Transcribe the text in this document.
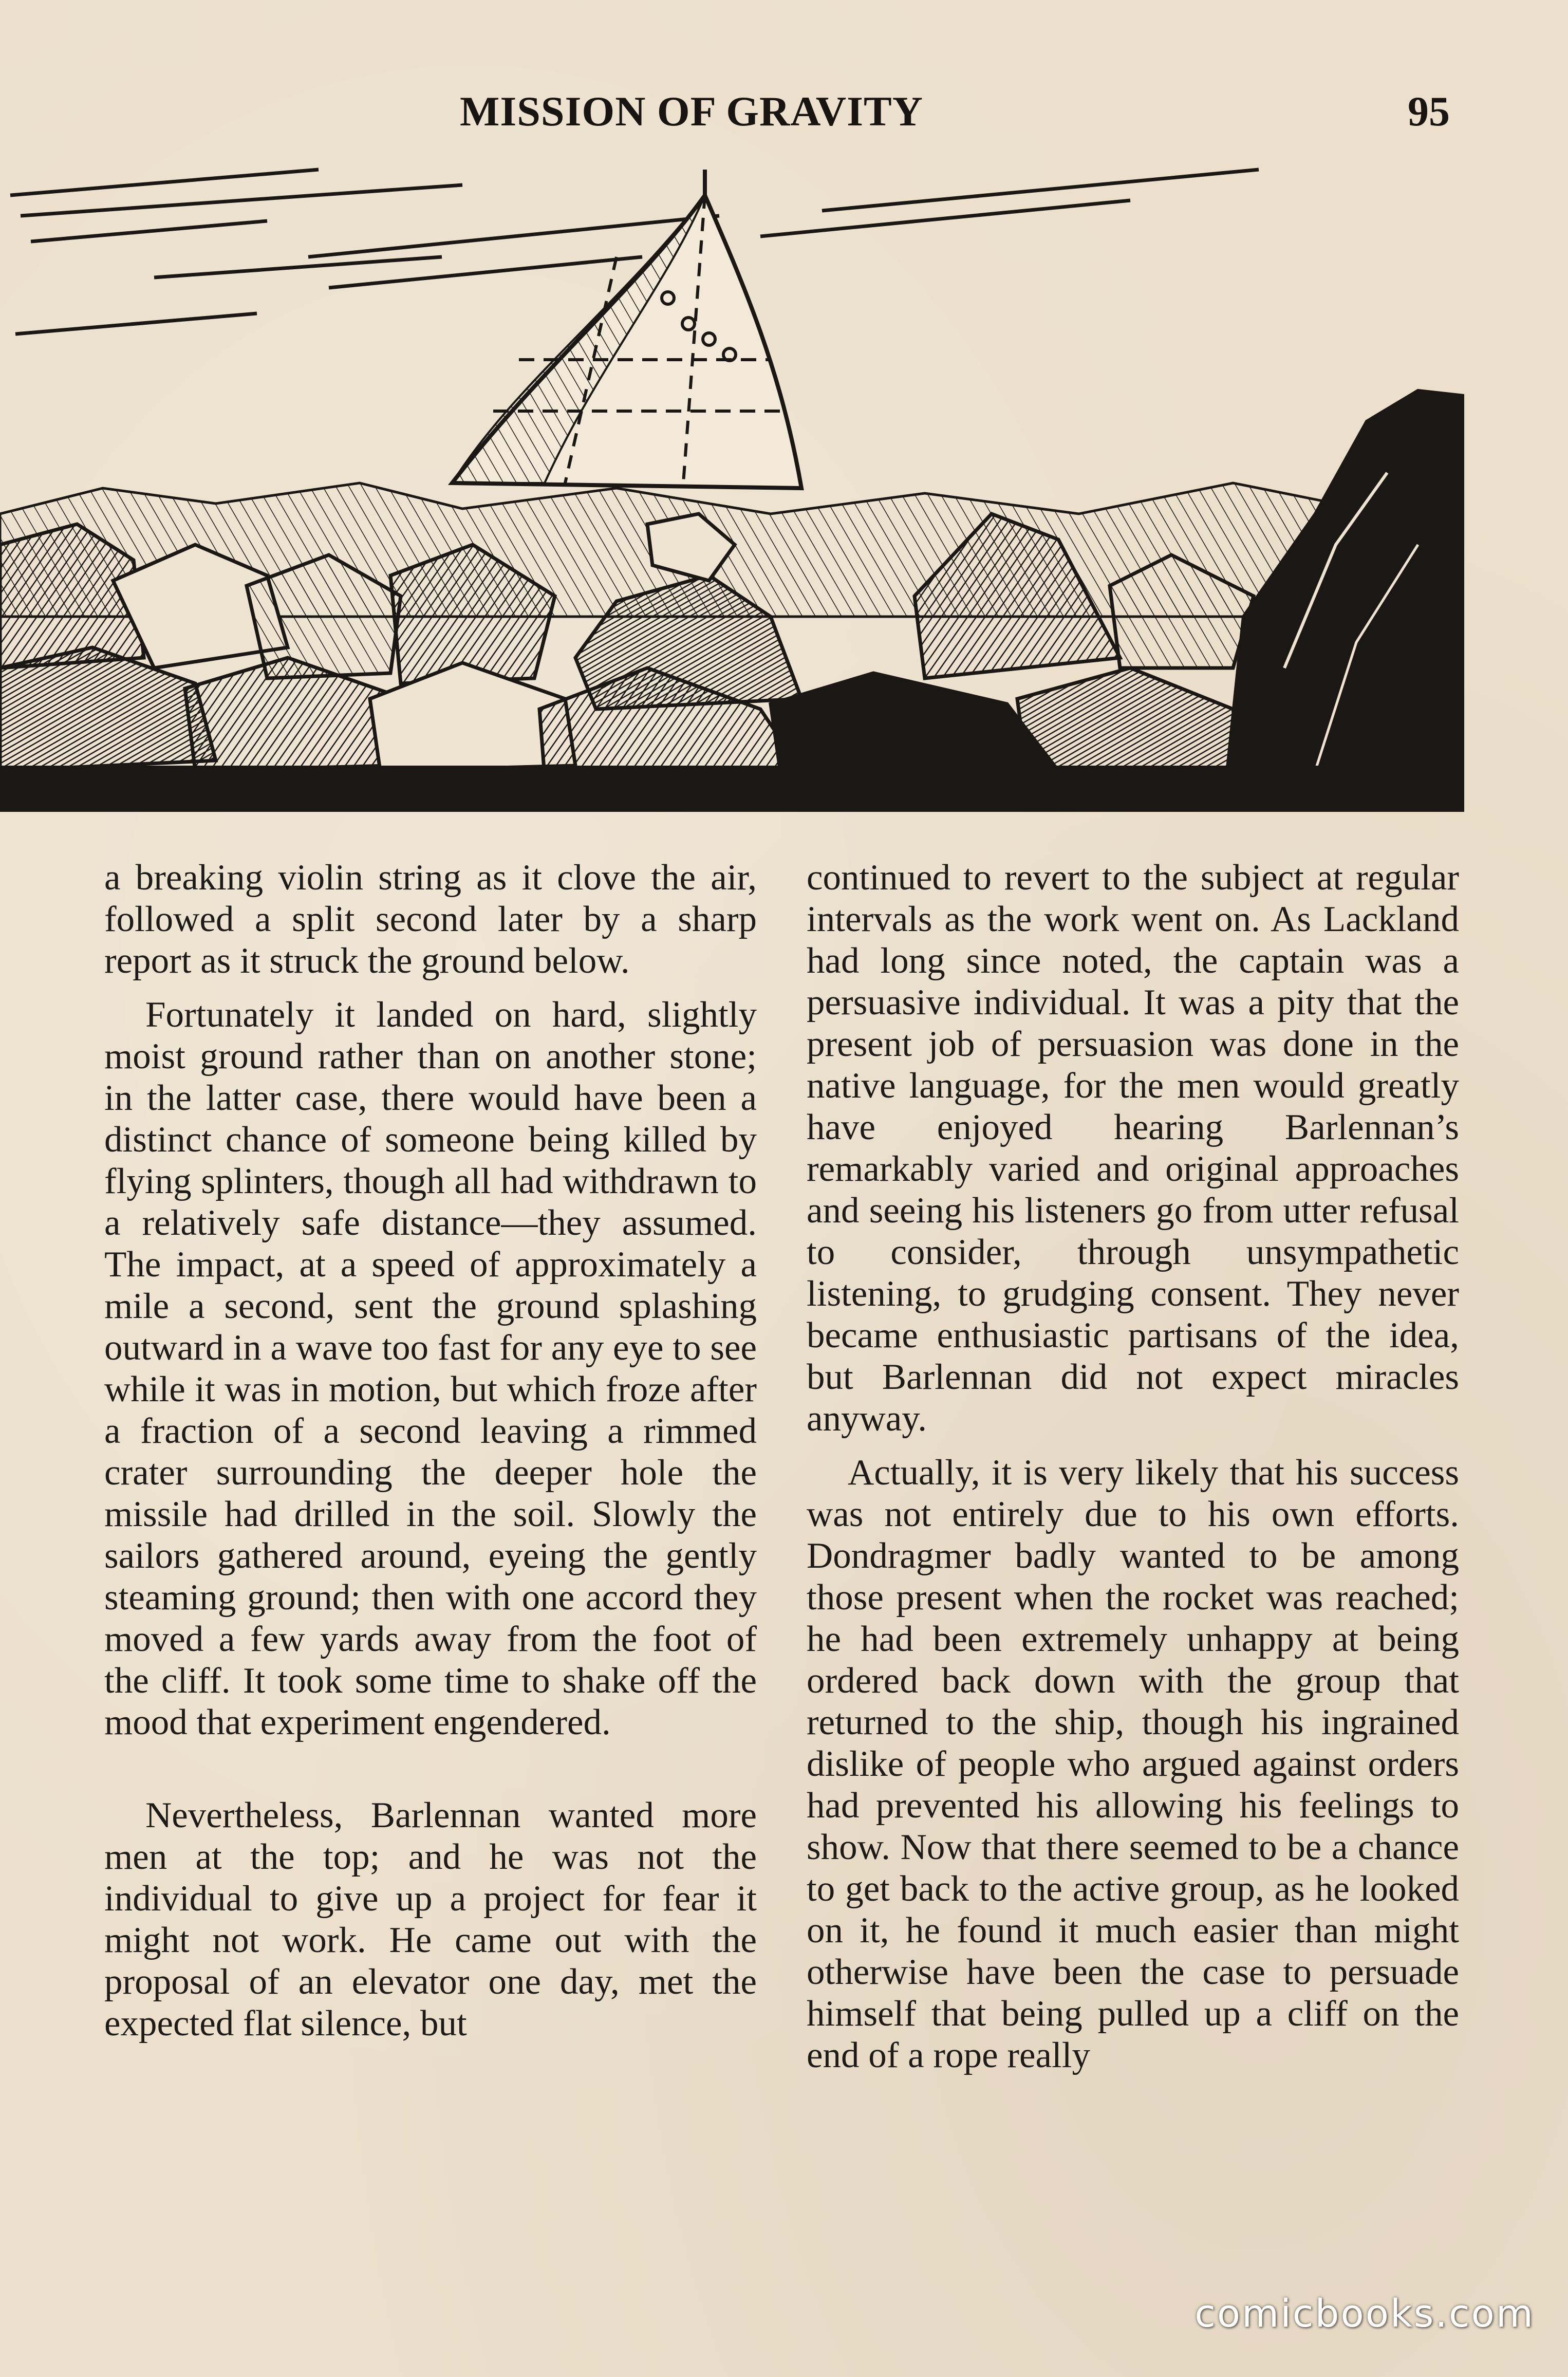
MISSION OF GRAVITY	95

a breaking violin string as it clove the air, followed a split second later by a sharp report as it struck the ground below.

Fortunately it landed on hard, slightly moist ground rather than on another stone; in the latter case, there would have been a distinct chance of someone being killed by flying splinters, though all had withdrawn to a relatively safe distance—they assumed. The impact, at a speed of approximately a mile a second, sent the ground splashing outward in a wave too fast for any eye to see while it was in motion, but which froze after a fraction of a second leaving a rimmed crater surrounding the deeper hole the missile had drilled in the soil. Slowly the sailors gathered around, eyeing the gently steaming ground; then with one accord they moved a few yards away from the foot of the cliff. It took some time to shake off the mood that experiment engendered.

Nevertheless, Barlennan wanted more men at the top; and he was not the individual to give up a project for fear it might not work. He came out with the proposal of an elevator one day, met the expected flat silence, but

continued to revert to the subject at regular intervals as the work went on. As Lackland had long since noted, the captain was a persuasive individual. It was a pity that the present job of persuasion was done in the native language, for the men would greatly have enjoyed hearing Barlennan’s remarkably varied and original approaches and seeing his listeners go from utter refusal to consider, through unsympathetic listening, to grudging consent. They never became enthusiastic partisans of the idea, but Barlennan did not expect miracles anyway.

Actually, it is very likely that his success was not entirely due to his own efforts. Dondragmer badly wanted to be among those present when the rocket was reached; he had been extremely unhappy at being ordered back down with the group that returned to the ship, though his ingrained dislike of people who argued against orders had prevented his allowing his feelings to show. Now that there seemed to be a chance to get back to the active group, as he looked on it, he found it much easier than might otherwise have been the case to persuade himself that being pulled up a cliff on the end of a rope really

comicbooks.com
